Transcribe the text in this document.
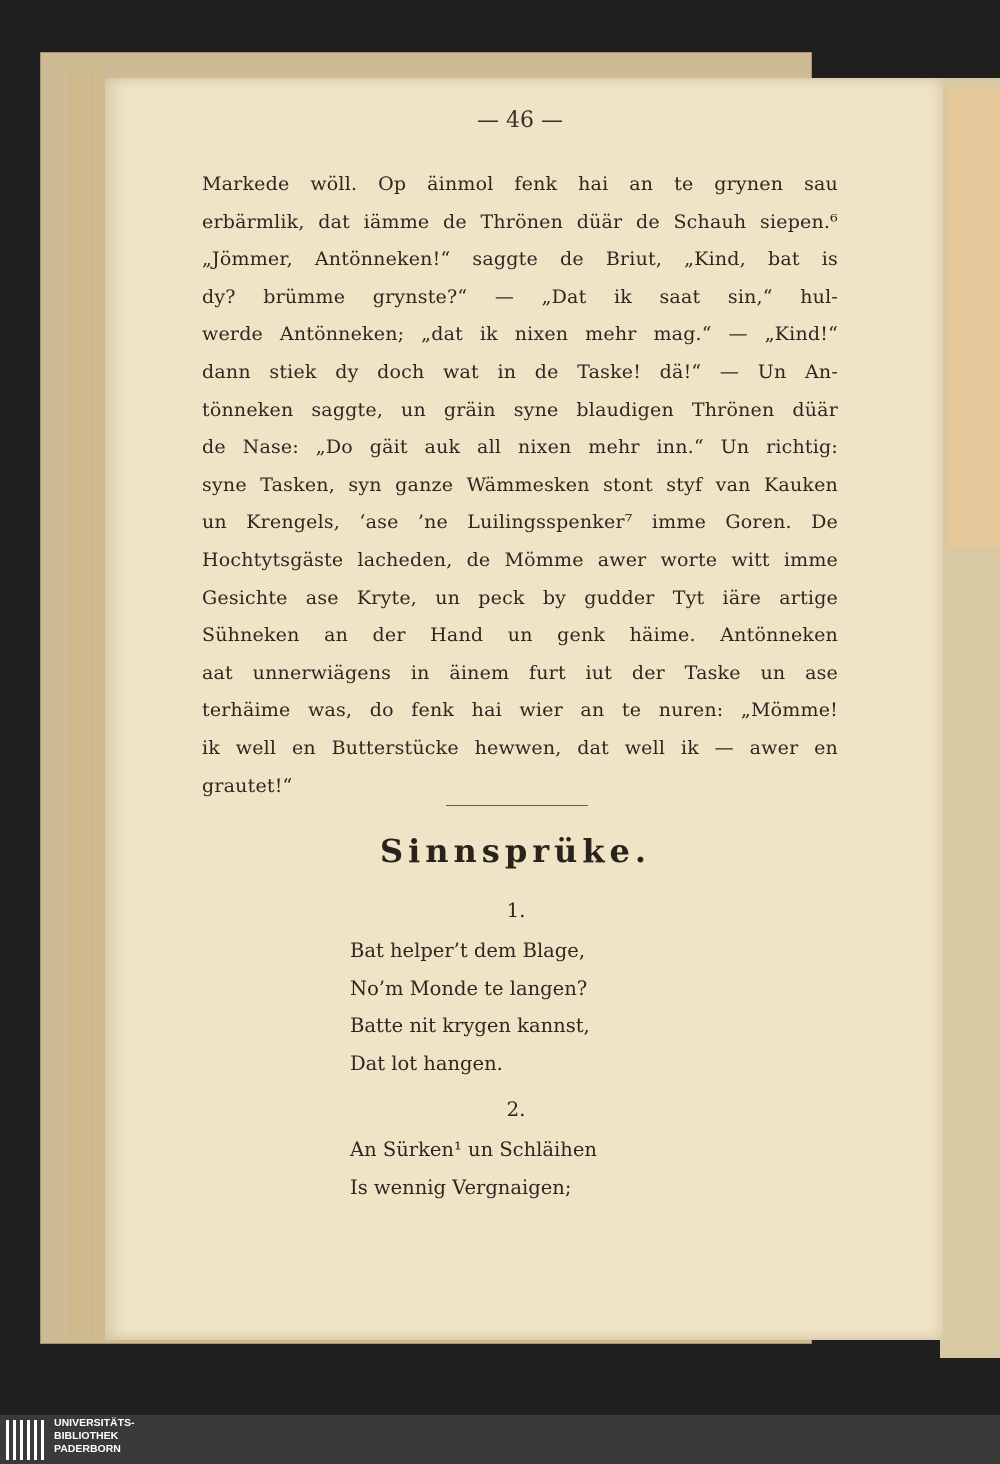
— 46 —
Markede wöll. Op äinmol fenk hai an te grynen sau
erbärmlik, dat iämme de Thrönen düär de Schauh siepen.⁶
„Jömmer, Antönneken!“ saggte de Briut, „Kind, bat is
dy? brümme grynste?“ — „Dat ik saat sin,“ hul-
werde Antönneken; „dat ik nixen mehr mag.“ — „Kind!“
dann stiek dy doch wat in de Taske! dä!“ — Un An-
tönneken saggte, un gräin syne blaudigen Thrönen düär
de Nase: „Do gäit auk all nixen mehr inn.“ Un richtig:
syne Tasken, syn ganze Wämmesken stont styf van Kauken
un Krengels, ‘ase ’ne Luilingsspenker⁷ imme Goren. De
Hochtytsgäste lacheden, de Mömme awer worte witt imme
Gesichte ase Kryte, un peck by gudder Tyt iäre artige
Sühneken an der Hand un genk häime. Antönneken
aat unnerwiägens in äinem furt iut der Taske un ase
terhäime was, do fenk hai wier an te nuren: „Mömme!
ik well en Butterstücke hewwen, dat well ik — awer en
grautet!“
Sinnsprüke.
1.
Bat helper’t dem Blage,
No’m Monde te langen?
Batte nit krygen kannst,
Dat lot hangen.
2.
An Sürken¹ un Schläihen
Is wennig Vergnaigen;
UNIVERSITÄTS-
BIBLIOTHEK
PADERBORN
